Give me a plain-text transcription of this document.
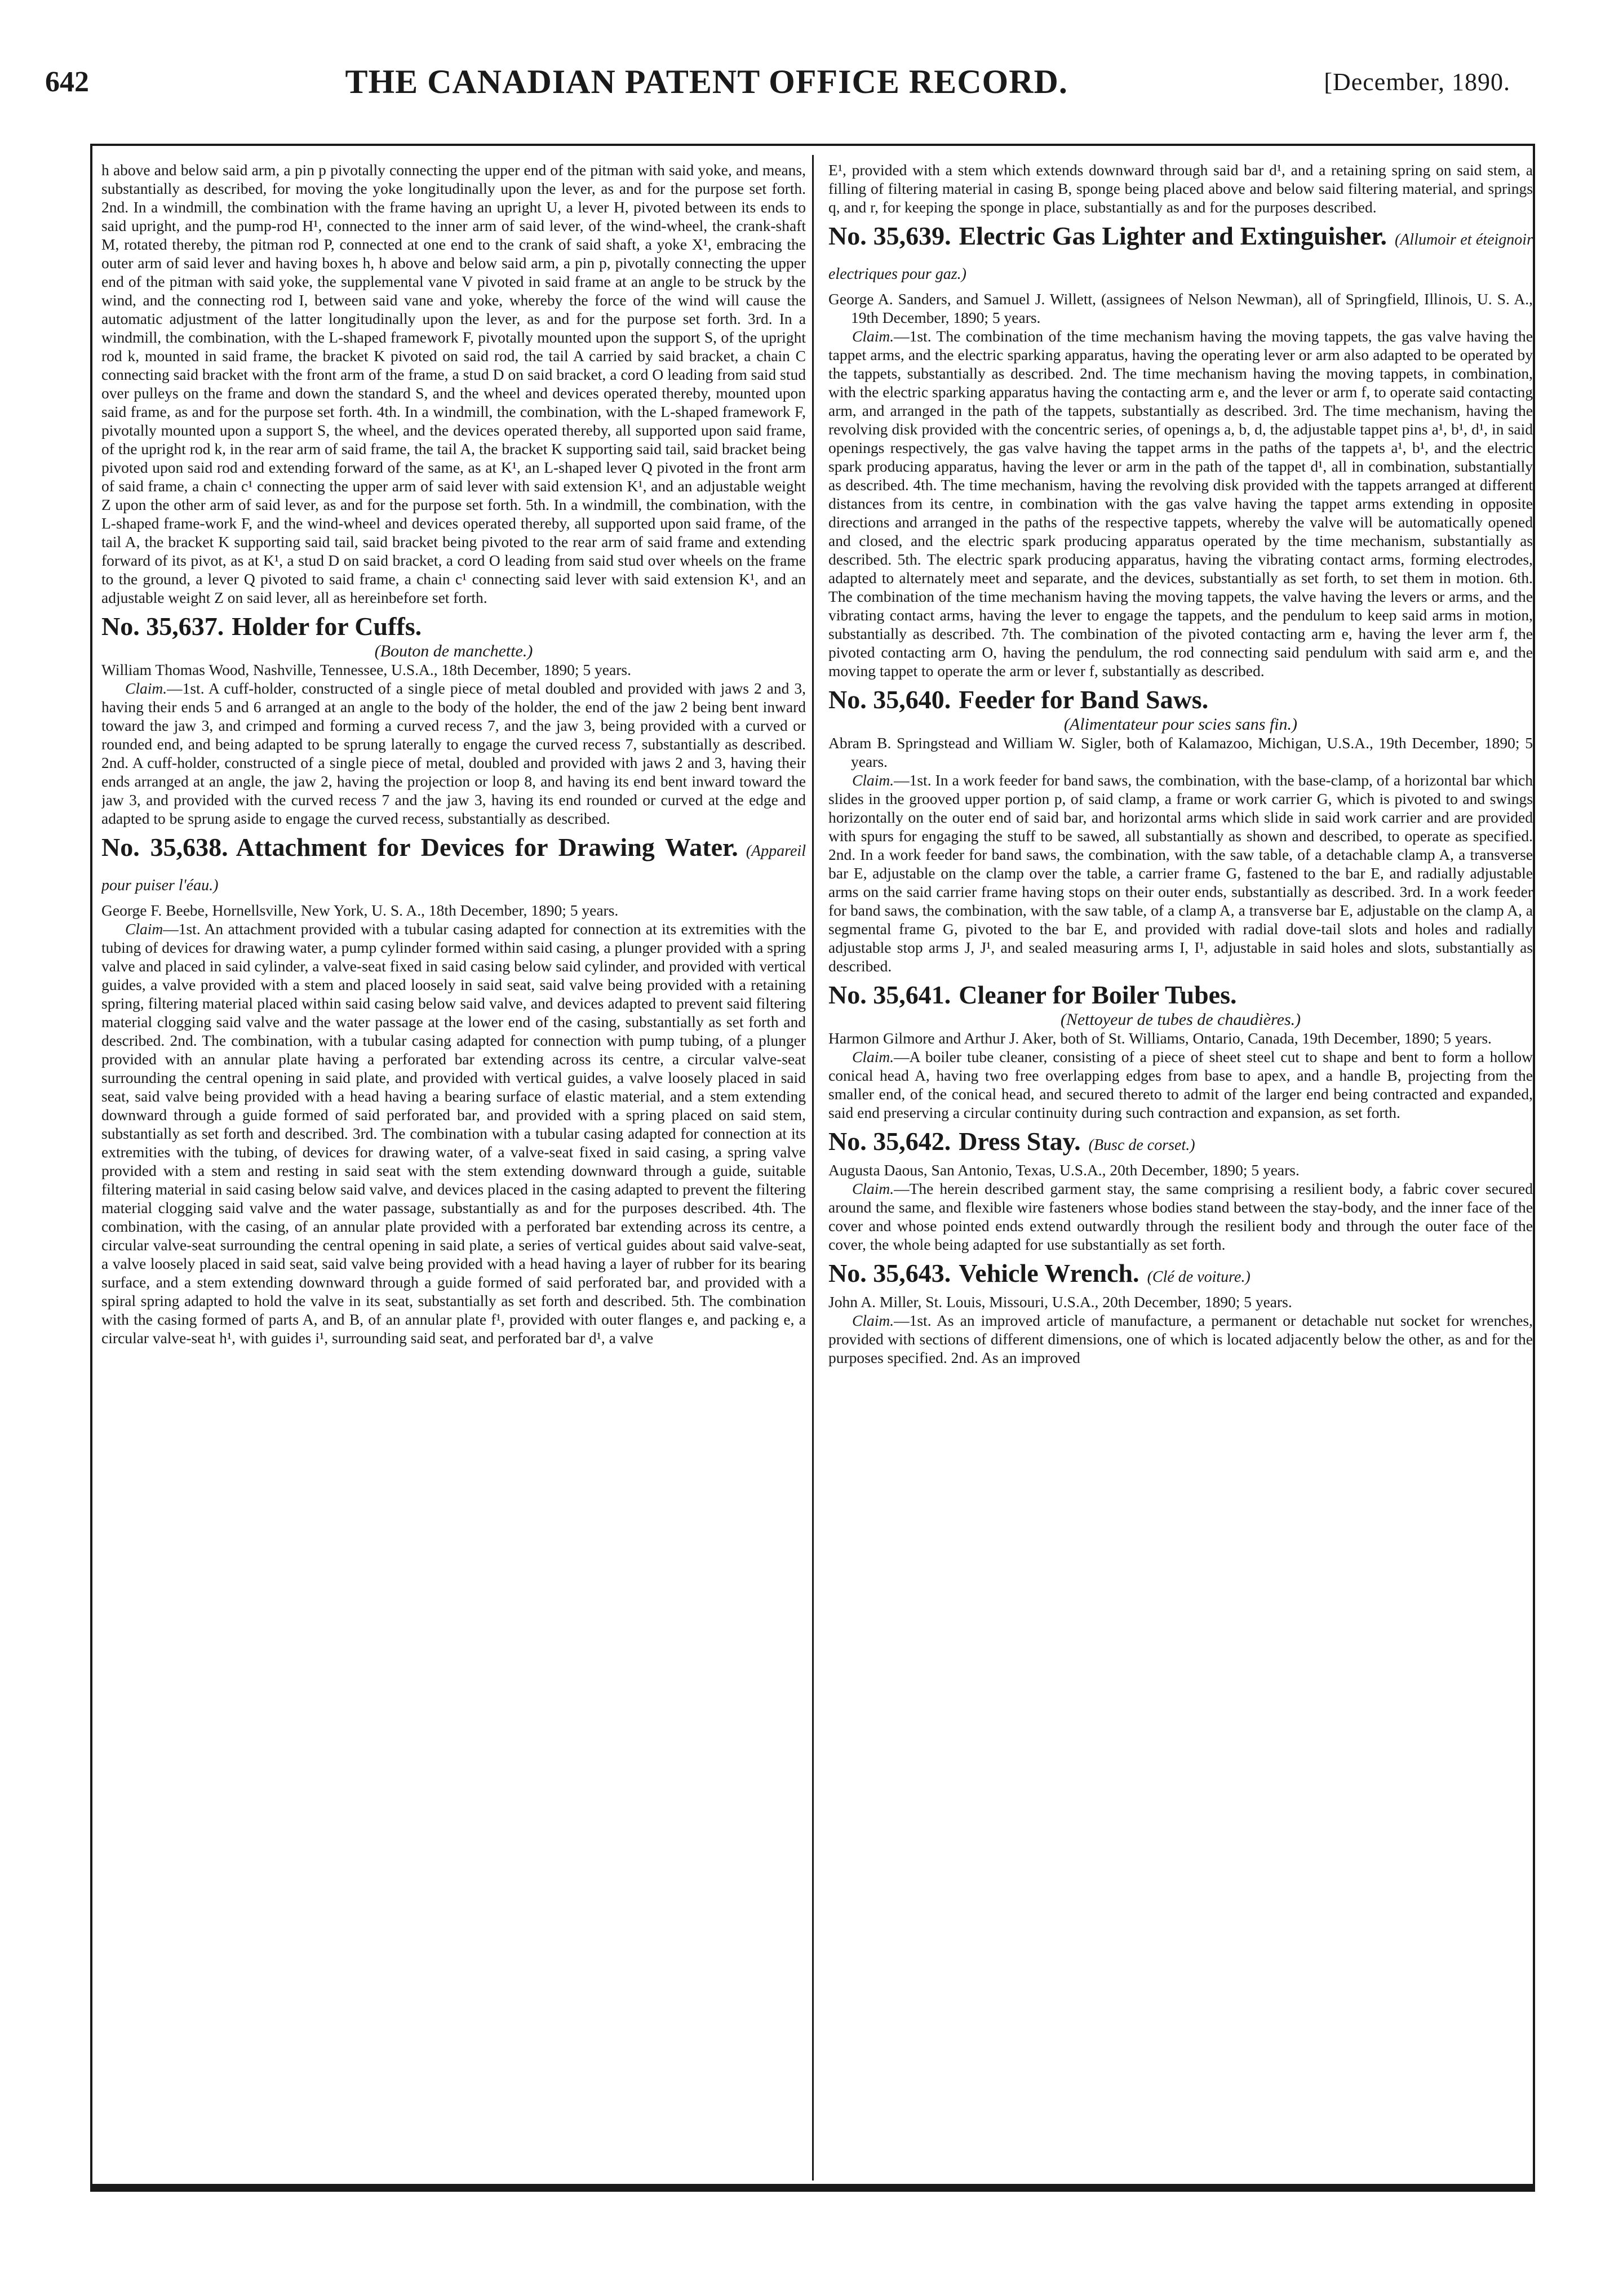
642	THE CANADIAN PATENT OFFICE RECORD.	[December, 1890.

h above and below said arm, a pin p pivotally connecting the upper end of the pitman with said yoke, and means, substantially as described, for moving the yoke longitudinally upon the lever, as and for the purpose set forth. 2nd. In a windmill, the combination with the frame having an upright U, a lever H, pivoted between its ends to said upright, and the pump-rod H¹, connected to the inner arm of said lever, of the wind-wheel, the crank-shaft M, rotated thereby, the pitman rod P, connected at one end to the crank of said shaft, a yoke X¹, embracing the outer arm of said lever and having boxes h, h above and below said arm, a pin p, pivotally connecting the upper end of the pitman with said yoke, the supplemental vane V pivoted in said frame at an angle to be struck by the wind, and the connecting rod I, between said vane and yoke, whereby the force of the wind will cause the automatic adjustment of the latter longitudinally upon the lever, as and for the purpose set forth. 3rd. In a windmill, the combination, with the L-shaped framework F, pivotally mounted upon the support S, of the upright rod k, mounted in said frame, the bracket K pivoted on said rod, the tail A carried by said bracket, a chain C connecting said bracket with the front arm of the frame, a stud D on said bracket, a cord O leading from said stud over pulleys on the frame and down the standard S, and the wheel and devices operated thereby, mounted upon said frame, as and for the purpose set forth. 4th. In a windmill, the combination, with the L-shaped framework F, pivotally mounted upon a support S, the wheel, and the devices operated thereby, all supported upon said frame, of the upright rod k, in the rear arm of said frame, the tail A, the bracket K supporting said tail, said bracket being pivoted upon said rod and extending forward of the same, as at K¹, an L-shaped lever Q pivoted in the front arm of said frame, a chain c¹ connecting the upper arm of said lever with said extension K¹, and an adjustable weight Z upon the other arm of said lever, as and for the purpose set forth. 5th. In a windmill, the combination, with the L-shaped frame-work F, and the wind-wheel and devices operated thereby, all supported upon said frame, of the tail A, the bracket K supporting said tail, said bracket being pivoted to the rear arm of said frame and extending forward of its pivot, as at K¹, a stud D on said bracket, a cord O leading from said stud over wheels on the frame to the ground, a lever Q pivoted to said frame, a chain c¹ connecting said lever with said extension K¹, and an adjustable weight Z on said lever, all as hereinbefore set forth.

No. 35,637. Holder for Cuffs.

(Bouton de manchette.)

William Thomas Wood, Nashville, Tennessee, U.S.A., 18th December, 1890; 5 years.

Claim.—1st. A cuff-holder, constructed of a single piece of metal doubled and provided with jaws 2 and 3, having their ends 5 and 6 arranged at an angle to the body of the holder, the end of the jaw 2 being bent inward toward the jaw 3, and crimped and forming a curved recess 7, and the jaw 3, being provided with a curved or rounded end, and being adapted to be sprung laterally to engage the curved recess 7, substantially as described. 2nd. A cuff-holder, constructed of a single piece of metal, doubled and provided with jaws 2 and 3, having their ends arranged at an angle, the jaw 2, having the projection or loop 8, and having its end bent inward toward the jaw 3, and provided with the curved recess 7 and the jaw 3, having its end rounded or curved at the edge and adapted to be sprung aside to engage the curved recess, substantially as described.

No. 35,638. Attachment for Devices for Drawing Water. (Appareil pour puiser l'éau.)

George F. Beebe, Hornellsville, New York, U. S. A., 18th December, 1890; 5 years.

Claim—1st. An attachment provided with a tubular casing adapted for connection at its extremities with the tubing of devices for drawing water, a pump cylinder formed within said casing, a plunger provided with a spring valve and placed in said cylinder, a valve-seat fixed in said casing below said cylinder, and provided with vertical guides, a valve provided with a stem and placed loosely in said seat, said valve being provided with a retaining spring, filtering material placed within said casing below said valve, and devices adapted to prevent said filtering material clogging said valve and the water passage at the lower end of the casing, substantially as set forth and described. 2nd. The combination, with a tubular casing adapted for connection with pump tubing, of a plunger provided with an annular plate having a perforated bar extending across its centre, a circular valve-seat surrounding the central opening in said plate, and provided with vertical guides, a valve loosely placed in said seat, said valve being provided with a head having a bearing surface of elastic material, and a stem extending downward through a guide formed of said perforated bar, and provided with a spring placed on said stem, substantially as set forth and described. 3rd. The combination with a tubular casing adapted for connection at its extremities with the tubing, of devices for drawing water, of a valve-seat fixed in said casing, a spring valve provided with a stem and resting in said seat with the stem extending downward through a guide, suitable filtering material in said casing below said valve, and devices placed in the casing adapted to prevent the filtering material clogging said valve and the water passage, substantially as and for the purposes described. 4th. The combination, with the casing, of an annular plate provided with a perforated bar extending across its centre, a circular valve-seat surrounding the central opening in said plate, a series of vertical guides about said valve-seat, a valve loosely placed in said seat, said valve being provided with a head having a layer of rubber for its bearing surface, and a stem extending downward through a guide formed of said perforated bar, and provided with a spiral spring adapted to hold the valve in its seat, substantially as set forth and described. 5th. The combination with the casing formed of parts A, and B, of an annular plate f¹, provided with outer flanges e, and packing e, a circular valve-seat h¹, with guides i¹, surrounding said seat, and perforated bar d¹, a valve

E¹, provided with a stem which extends downward through said bar d¹, and a retaining spring on said stem, a filling of filtering material in casing B, sponge being placed above and below said filtering material, and springs q, and r, for keeping the sponge in place, substantially as and for the purposes described.

No. 35,639. Electric Gas Lighter and Extinguisher. (Allumoir et éteignoir electriques pour gaz.)

George A. Sanders, and Samuel J. Willett, (assignees of Nelson Newman), all of Springfield, Illinois, U. S. A., 19th December, 1890; 5 years.

Claim.—1st. The combination of the time mechanism having the moving tappets, the gas valve having the tappet arms, and the electric sparking apparatus, having the operating lever or arm also adapted to be operated by the tappets, substantially as described. 2nd. The time mechanism having the moving tappets, in combination, with the electric sparking apparatus having the contacting arm e, and the lever or arm f, to operate said contacting arm, and arranged in the path of the tappets, substantially as described. 3rd. The time mechanism, having the revolving disk provided with the concentric series, of openings a, b, d, the adjustable tappet pins a¹, b¹, d¹, in said openings respectively, the gas valve having the tappet arms in the paths of the tappets a¹, b¹, and the electric spark producing apparatus, having the lever or arm in the path of the tappet d¹, all in combination, substantially as described. 4th. The time mechanism, having the revolving disk provided with the tappets arranged at different distances from its centre, in combination with the gas valve having the tappet arms extending in opposite directions and arranged in the paths of the respective tappets, whereby the valve will be automatically opened and closed, and the electric spark producing apparatus operated by the time mechanism, substantially as described. 5th. The electric spark producing apparatus, having the vibrating contact arms, forming electrodes, adapted to alternately meet and separate, and the devices, substantially as set forth, to set them in motion. 6th. The combination of the time mechanism having the moving tappets, the valve having the levers or arms, and the vibrating contact arms, having the lever to engage the tappets, and the pendulum to keep said arms in motion, substantially as described. 7th. The combination of the pivoted contacting arm e, having the lever arm f, the pivoted contacting arm O, having the pendulum, the rod connecting said pendulum with said arm e, and the moving tappet to operate the arm or lever f, substantially as described.

No. 35,640. Feeder for Band Saws.

(Alimentateur pour scies sans fin.)

Abram B. Springstead and William W. Sigler, both of Kalamazoo, Michigan, U.S.A., 19th December, 1890; 5 years.

Claim.—1st. In a work feeder for band saws, the combination, with the base-clamp, of a horizontal bar which slides in the grooved upper portion p, of said clamp, a frame or work carrier G, which is pivoted to and swings horizontally on the outer end of said bar, and horizontal arms which slide in said work carrier and are provided with spurs for engaging the stuff to be sawed, all substantially as shown and described, to operate as specified. 2nd. In a work feeder for band saws, the combination, with the saw table, of a detachable clamp A, a transverse bar E, adjustable on the clamp over the table, a carrier frame G, fastened to the bar E, and radially adjustable arms on the said carrier frame having stops on their outer ends, substantially as described. 3rd. In a work feeder for band saws, the combination, with the saw table, of a clamp A, a transverse bar E, adjustable on the clamp A, a segmental frame G, pivoted to the bar E, and provided with radial dove-tail slots and holes and radially adjustable stop arms J, J¹, and sealed measuring arms I, I¹, adjustable in said holes and slots, substantially as described.

No. 35,641. Cleaner for Boiler Tubes.

(Nettoyeur de tubes de chaudières.)

Harmon Gilmore and Arthur J. Aker, both of St. Williams, Ontario, Canada, 19th December, 1890; 5 years.

Claim.—A boiler tube cleaner, consisting of a piece of sheet steel cut to shape and bent to form a hollow conical head A, having two free overlapping edges from base to apex, and a handle B, projecting from the smaller end, of the conical head, and secured thereto to admit of the larger end being contracted and expanded, said end preserving a circular continuity during such contraction and expansion, as set forth.

No. 35,642. Dress Stay. (Busc de corset.)

Augusta Daous, San Antonio, Texas, U.S.A., 20th December, 1890; 5 years.

Claim.—The herein described garment stay, the same comprising a resilient body, a fabric cover secured around the same, and flexible wire fasteners whose bodies stand between the stay-body, and the inner face of the cover and whose pointed ends extend outwardly through the resilient body and through the outer face of the cover, the whole being adapted for use substantially as set forth.

No. 35,643. Vehicle Wrench. (Clé de voiture.)

John A. Miller, St. Louis, Missouri, U.S.A., 20th December, 1890; 5 years.

Claim.—1st. As an improved article of manufacture, a permanent or detachable nut socket for wrenches, provided with sections of different dimensions, one of which is located adjacently below the other, as and for the purposes specified. 2nd. As an improved
